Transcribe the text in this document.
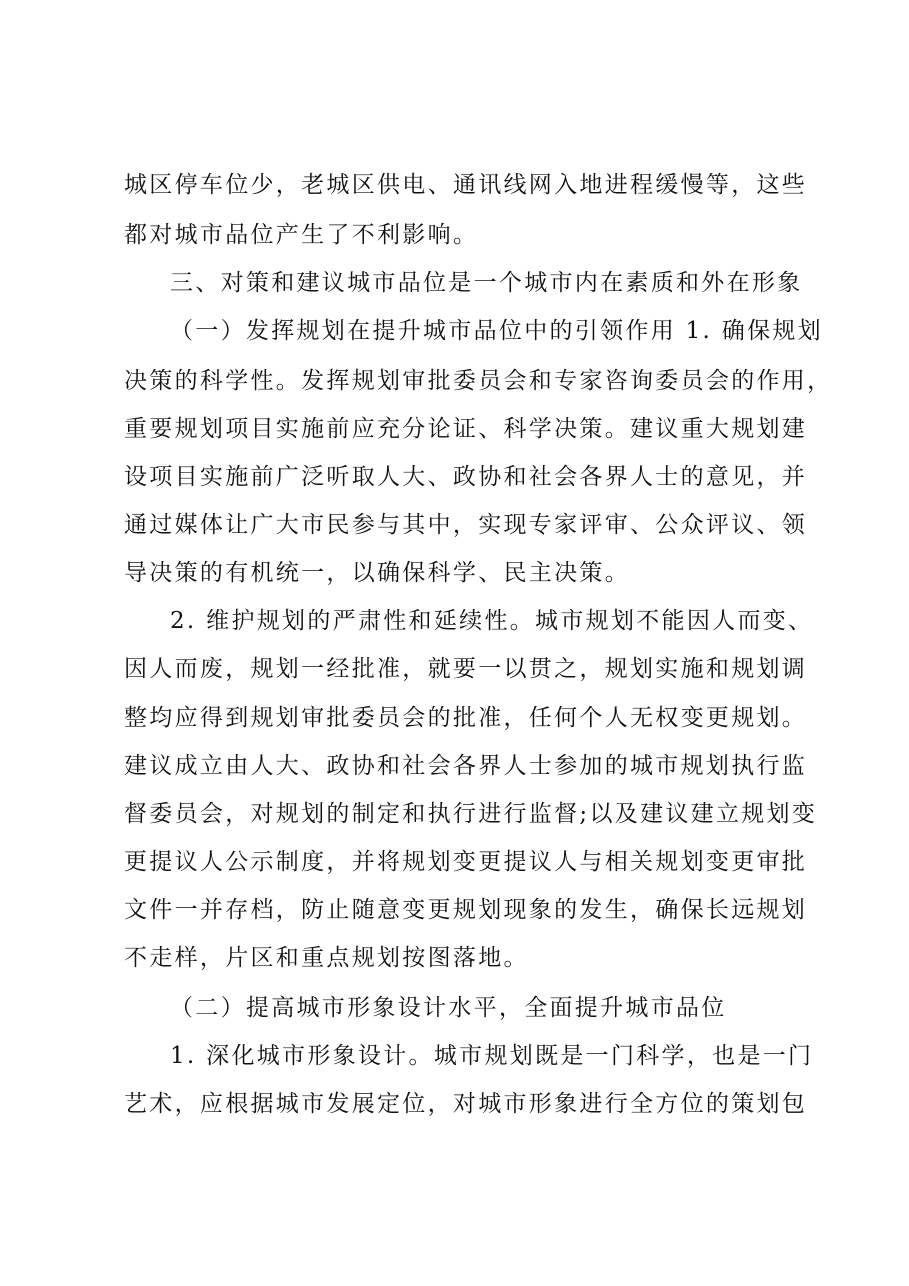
城区停车位少，老城区供电、通讯线网入地进程缓慢等，这些
都对城市品位产生了不利影响。
三、对策和建议城市品位是一个城市内在素质和外在形象
（一）发挥规划在提升城市品位中的引领作用 1. 确保规划
决策的科学性。发挥规划审批委员会和专家咨询委员会的作用，
重要规划项目实施前应充分论证、科学决策。建议重大规划建
设项目实施前广泛听取人大、政协和社会各界人士的意见，并
通过媒体让广大市民参与其中，实现专家评审、公众评议、领
导决策的有机统一，以确保科学、民主决策。
2. 维护规划的严肃性和延续性。城市规划不能因人而变、
因人而废，规划一经批准，就要一以贯之，规划实施和规划调
整均应得到规划审批委员会的批准，任何个人无权变更规划。
建议成立由人大、政协和社会各界人士参加的城市规划执行监
督委员会，对规划的制定和执行进行监督;以及建议建立规划变
更提议人公示制度，并将规划变更提议人与相关规划变更审批
文件一并存档，防止随意变更规划现象的发生，确保长远规划
不走样，片区和重点规划按图落地。
（二）提高城市形象设计水平，全面提升城市品位
1. 深化城市形象设计。城市规划既是一门科学，也是一门
艺术，应根据城市发展定位，对城市形象进行全方位的策划包
